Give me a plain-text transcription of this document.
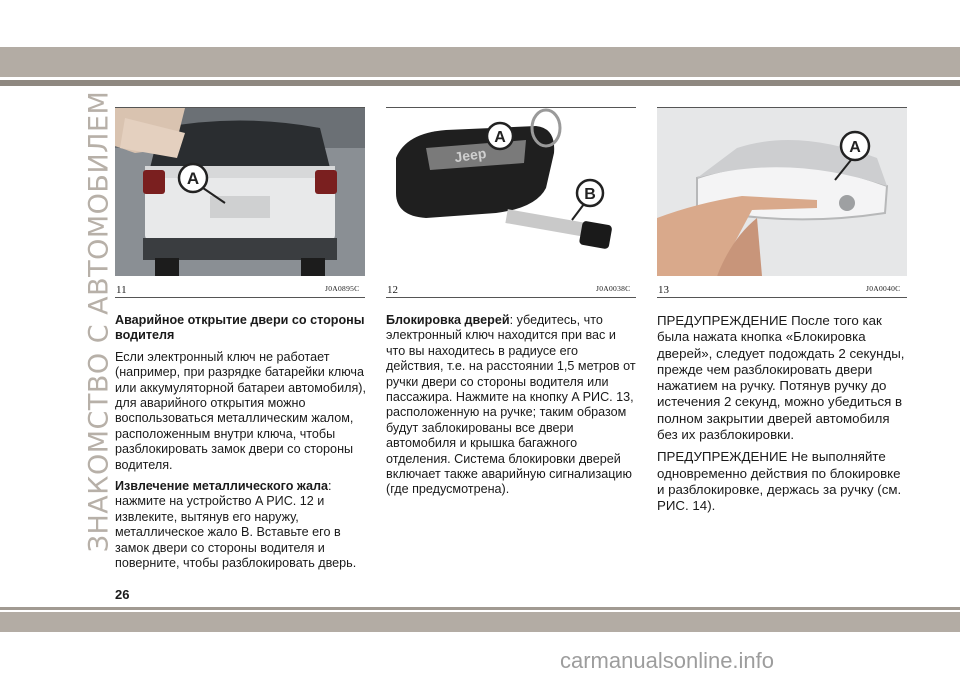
ЗНАКОМСТВО С АВТОМОБИЛЕМ	A
11	J0A0895C
Jeep
A
B
12	J0A0038C
A
13	J0A0040C

Аварийное открытие двери со стороны водителя

Если электронный ключ не работает (например, при разрядке батарейки ключа или аккумуляторной батареи автомобиля), для аварийного открытия можно воспользоваться металлическим жалом, расположенным внутри ключа, чтобы разблокировать замок двери со стороны водителя.

Извлечение металлического жала: нажмите на устройство A РИС. 12 и извлеките, вытянув его наружу, металлическое жало B. Вставьте его в замок двери со стороны водителя и поверните, чтобы разблокировать дверь.

Блокировка дверей: убедитесь, что электронный ключ находится при вас и что вы находитесь в радиусе его действия, т.е. на расстоянии 1,5 метров от ручки двери со стороны водителя или пассажира. Нажмите на кнопку A РИС. 13, расположенную на ручке; таким образом будут заблокированы все двери автомобиля и крышка багажного отделения. Система блокировки дверей включает также аварийную сигнализацию (где предусмотрена).

ПРЕДУПРЕЖДЕНИЕ После того как была нажата кнопка «Блокировка дверей», следует подождать 2 секунды, прежде чем разблокировать двери нажатием на ручку. Потянув ручку до истечения 2 секунд, можно убедиться в полном закрытии дверей автомобиля без их разблокировки.

ПРЕДУПРЕЖДЕНИЕ Не выполняйте одновременно действия по блокировке и разблокировке, держась за ручку (см. РИС. 14).

26
carmanualsonline.info
